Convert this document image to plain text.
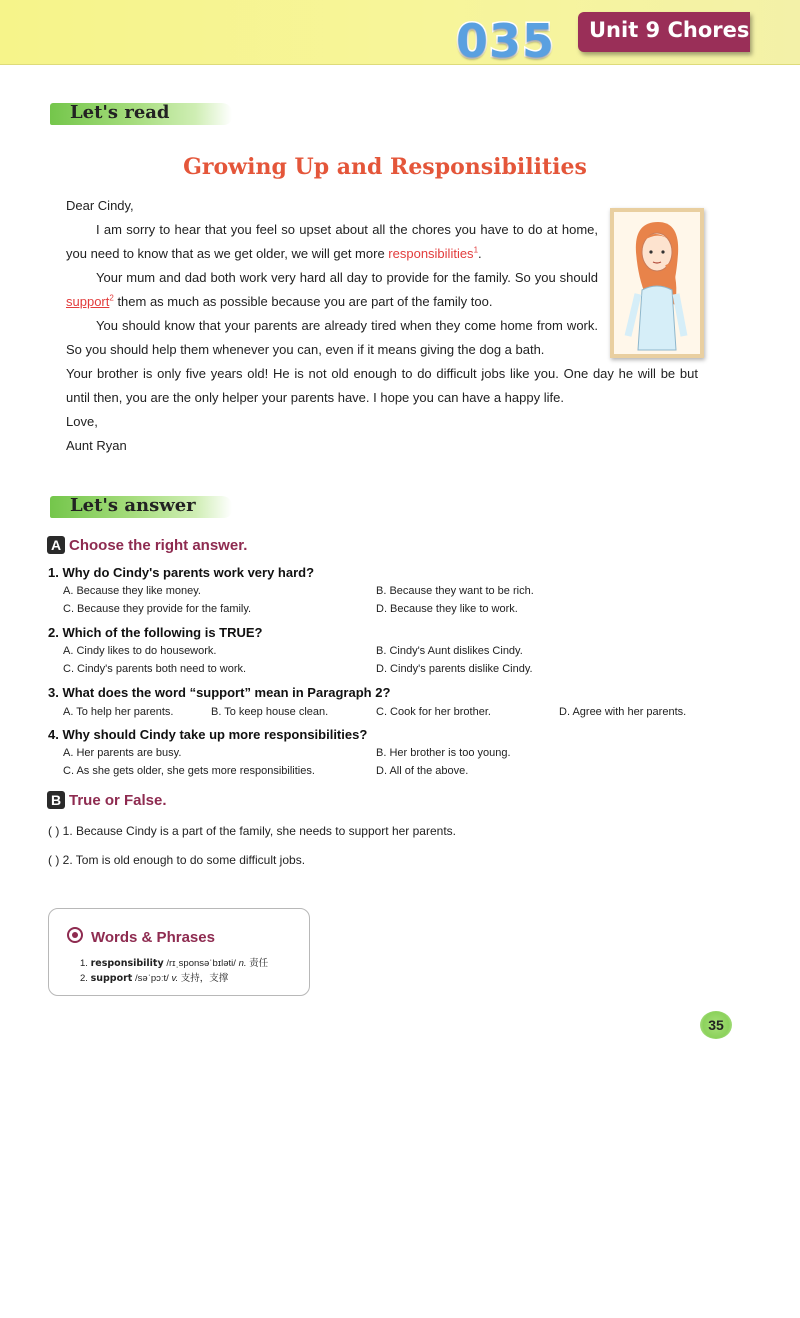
035 Unit 9 Chores
Let's read
Growing Up and Responsibilities

Dear Cindy,

I am sorry to hear that you feel so upset about all the chores you have to do at home, you need to know that as we get older, we will get more responsibilities$^1$.

Your mum and dad both work very hard all day to provide for the family. So you should support$^2$ them as much as possible because you are part of the family too.

You should know that your parents are already tired when they come home from work. So you should help them whenever you can, even if it means giving the dog a bath.

Your brother is only five years old! He is not old enough to do difficult jobs like you. One day he will be but until then, you are the only helper your parents have. I hope you can have a happy life.

Love,

Aunt Ryan

Let's answer
A Choose the right answer.
1. Why do Cindy's parents work very hard?
A. Because they like money.	B. Because they want to be rich.
C. Because they provide for the family.	D. Because they like to work.
2. Which of the following is TRUE?
A. Cindy likes to do housework.	B. Cindy's Aunt dislikes Cindy.
C. Cindy's parents both need to work.	D. Cindy's parents dislike Cindy.
3. What does the word “support” mean in Paragraph 2?
A. To help her parents.	B. To keep house clean.	C. Cook for her brother.	D. Agree with her parents.
4. Why should Cindy take up more responsibilities?
A. Her parents are busy.	B. Her brother is too young.
C. As she gets older, she gets more responsibilities.	D. All of the above.
B True or False.
( ) 1. Because Cindy is a part of the family, she needs to support her parents.
( ) 2. Tom is old enough to do some difficult jobs.
Words & Phrases
1. responsibility /rɪˌsponsəˈbɪləti/ n. 责任
2. support /səˈpɔːt/ v. 支持，支撑
35
